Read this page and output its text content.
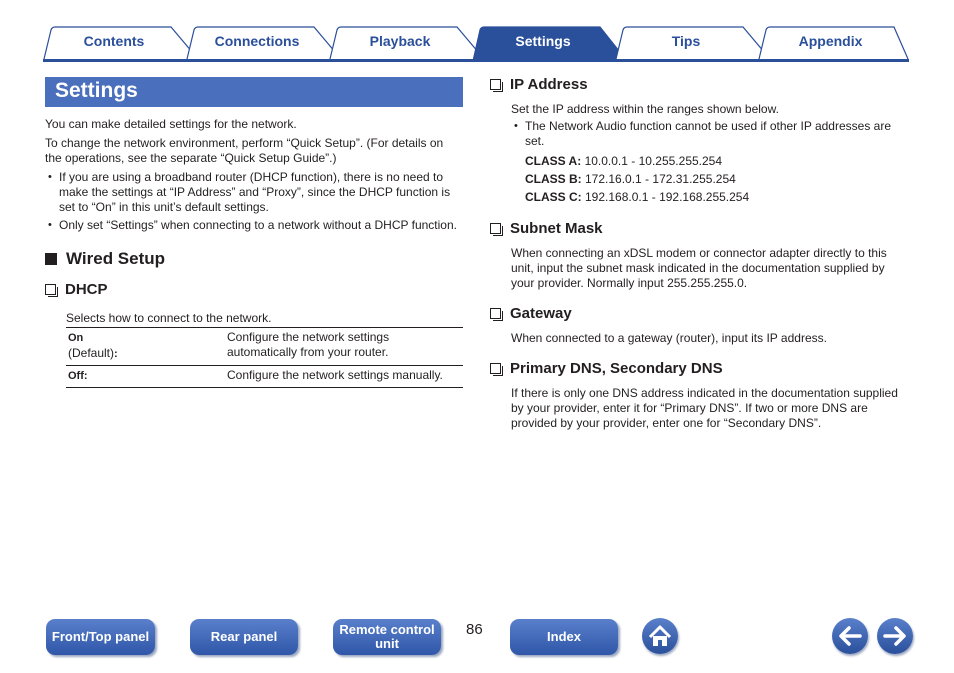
Contents	Connections	Playback	Settings	Tips	Appendix
Settings

You can make detailed settings for the network.

To change the network environment, perform “Quick Setup”. (For details on the operations, see the separate “Quick Setup Guide”.)

• If you are using a broadband router (DHCP function), there is no need to make the settings at “IP Address” and “Proxy”, since the DHCP function is set to “On” in this unit’s default settings.
• Only set “Settings” when connecting to a network without a DHCP function.
Wired Setup
DHCP

Selects how to connect to the network.

On
(Default):	Configure the network settings automatically from your router.
Off:	Configure the network settings manually.
IP Address

Set the IP address within the ranges shown below.

• The Network Audio function cannot be used if other IP addresses are set.
CLASS A: 10.0.0.1 - 10.255.255.254
CLASS B: 172.16.0.1 - 172.31.255.254
CLASS C: 192.168.0.1 - 192.168.255.254
Subnet Mask

When connecting an xDSL modem or connector adapter directly to this unit, input the subnet mask indicated in the documentation supplied by your provider. Normally input 255.255.255.0.

Gateway

When connected to a gateway (router), input its IP address.

Primary DNS, Secondary DNS

If there is only one DNS address indicated in the documentation supplied by your provider, enter it for “Primary DNS”. If two or more DNS are provided by your provider, enter one for “Secondary DNS”.

Front/Top panel	Rear panel	Remote control unit
86	Index
